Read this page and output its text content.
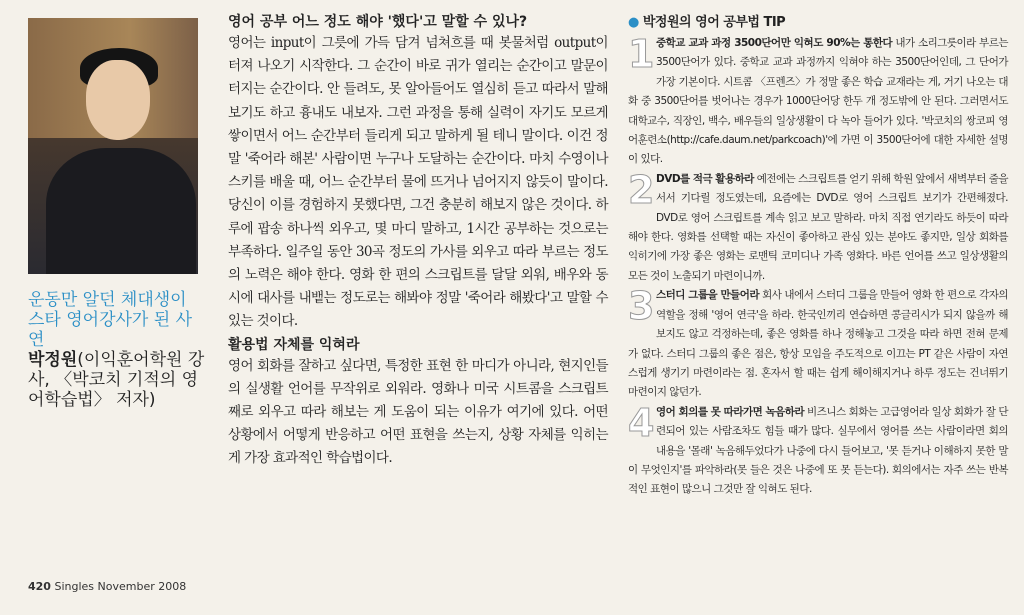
운동만 알던 체대생이 스타 영어강사가 된 사연
박정원(이익훈어학원 강사, 〈박코치 기적의 영어학습법〉 저자)
영어 공부 어느 정도 해야 '했다'고 말할 수 있나?

영어는 input이 그릇에 가득 담겨 넘쳐흐를 때 봇물처럼 output이 터져 나오기 시작한다. 그 순간이 바로 귀가 열리는 순간이고 말문이 터지는 순간이다. 안 들려도, 못 알아들어도 열심히 듣고 따라서 말해보기도 하고 흉내도 내보자. 그런 과정을 통해 실력이 자기도 모르게 쌓이면서 어느 순간부터 들리게 되고 말하게 될 테니 말이다. 이건 정말 '죽어라 해본' 사람이면 누구나 도달하는 순간이다. 마치 수영이나 스키를 배울 때, 어느 순간부터 물에 뜨거나 넘어지지 않듯이 말이다. 당신이 이를 경험하지 못했다면, 그건 충분히 해보지 않은 것이다. 하루에 팝송 하나씩 외우고, 몇 마디 말하고, 1시간 공부하는 것으로는 부족하다. 일주일 동안 30곡 정도의 가사를 외우고 따라 부르는 정도의 노력은 해야 한다. 영화 한 편의 스크립트를 달달 외워, 배우와 동시에 대사를 내뱉는 정도로는 해봐야 정말 '죽어라 해봤다'고 말할 수 있는 것이다.

활용법 자체를 익혀라

영어 회화를 잘하고 싶다면, 특정한 표현 한 마디가 아니라, 현지인들의 실생활 언어를 무작위로 외워라. 영화나 미국 시트콤을 스크립트째로 외우고 따라 해보는 게 도움이 되는 이유가 여기에 있다. 어떤 상황에서 어떻게 반응하고 어떤 표현을 쓰는지, 상황 자체를 익히는 게 가장 효과적인 학습법이다.

● 박정원의 영어 공부법 TIP
1 중학교 교과 과정 3500단어만 익혀도 90%는 통한다 내가 소리그릇이라 부르는 3500단어가 있다. 중학교 교과 과정까지 익혀야 하는 3500단어인데, 그 단어가 가장 기본이다. 시트콤 〈프렌즈〉가 정말 좋은 학습 교재라는 게, 거기 나오는 대화 중 3500단어를 벗어나는 경우가 1000단어당 한두 개 정도밖에 안 된다. 그러면서도 대학교수, 직장인, 백수, 배우들의 일상생활이 다 녹아 들어가 있다. '박코치의 쌍코피 영어훈련소(http://cafe.daum.net/parkcoach)'에 가면 이 3500단어에 대한 자세한 설명이 있다.

2 DVD를 적극 활용하라 예전에는 스크립트를 얻기 위해 학원 앞에서 새벽부터 줄을 서서 기다릴 정도였는데, 요즘에는 DVD로 영어 스크립트 보기가 간편해졌다. DVD로 영어 스크립트를 계속 읽고 보고 말하라. 마치 직접 연기라도 하듯이 따라 해야 한다. 영화를 선택할 때는 자신이 좋아하고 관심 있는 분야도 좋지만, 일상 회화를 익히기에 가장 좋은 영화는 로맨틱 코미디나 가족 영화다. 바른 언어를 쓰고 일상생활의 모든 것이 노출되기 마련이니까.

3 스터디 그룹을 만들어라 회사 내에서 스터디 그룹을 만들어 영화 한 편으로 각자의 역할을 정해 '영어 연극'을 하라. 한국인끼리 연습하면 콩글리시가 되지 않을까 해보지도 않고 걱정하는데, 좋은 영화를 하나 정해놓고 그것을 따라 하면 전혀 문제가 없다. 스터디 그룹의 좋은 점은, 항상 모임을 주도적으로 이끄는 PT 같은 사람이 자연스럽게 생기기 마련이라는 점. 혼자서 할 때는 쉽게 해이해지거나 하루 정도는 건너뛰기 마련이지 않던가.

4 영어 회의를 못 따라가면 녹음하라 비즈니스 회화는 고급영어라 일상 회화가 잘 단련되어 있는 사람조차도 힘들 때가 많다. 실무에서 영어를 쓰는 사람이라면 회의 내용을 '몰래' 녹음해두었다가 나중에 다시 들어보고, '못 듣거나 이해하지 못한 말이 무엇인지'를 파악하라(못 들은 것은 나중에 또 못 듣는다). 회의에서는 자주 쓰는 반복적인 표현이 많으니 그것만 잘 익혀도 된다.

420 Singles November 2008
